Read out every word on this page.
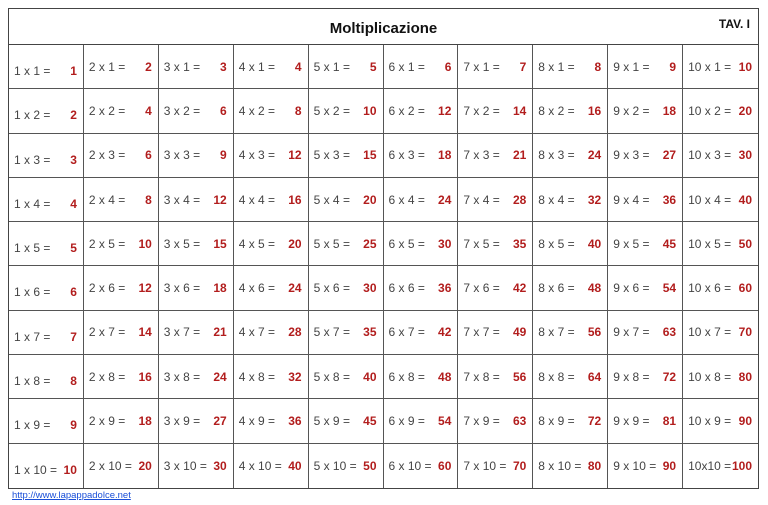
Moltiplicazione	TAV. I
1 x 1 = 1 2 x 1 = 2 3 x 1 = 3 4 x 1 = 4 5 x 1 = 5 6 x 1 = 6 7 x 1 = 7 8 x 1 = 8 9 x 1 = 9 10 x 1 = 10
1 x 2 = 2 2 x 2 = 4 3 x 2 = 6 4 x 2 = 8 5 x 2 = 10 6 x 2 = 12 7 x 2 = 14 8 x 2 = 16 9 x 2 = 18 10 x 2 = 20
1 x 3 = 3 2 x 3 = 6 3 x 3 = 9 4 x 3 = 12 5 x 3 = 15 6 x 3 = 18 7 x 3 = 21 8 x 3 = 24 9 x 3 = 27 10 x 3 = 30
1 x 4 = 4 2 x 4 = 8 3 x 4 = 12 4 x 4 = 16 5 x 4 = 20 6 x 4 = 24 7 x 4 = 28 8 x 4 = 32 9 x 4 = 36 10 x 4 = 40
1 x 5 = 5 2 x 5 = 10 3 x 5 = 15 4 x 5 = 20 5 x 5 = 25 6 x 5 = 30 7 x 5 = 35 8 x 5 = 40 9 x 5 = 45 10 x 5 = 50
1 x 6 = 6 2 x 6 = 12 3 x 6 = 18 4 x 6 = 24 5 x 6 = 30 6 x 6 = 36 7 x 6 = 42 8 x 6 = 48 9 x 6 = 54 10 x 6 = 60
1 x 7 = 7 2 x 7 = 14 3 x 7 = 21 4 x 7 = 28 5 x 7 = 35 6 x 7 = 42 7 x 7 = 49 8 x 7 = 56 9 x 7 = 63 10 x 7 = 70
1 x 8 = 8 2 x 8 = 16 3 x 8 = 24 4 x 8 = 32 5 x 8 = 40 6 x 8 = 48 7 x 8 = 56 8 x 8 = 64 9 x 8 = 72 10 x 8 = 80
1 x 9 = 9 2 x 9 = 18 3 x 9 = 27 4 x 9 = 36 5 x 9 = 45 6 x 9 = 54 7 x 9 = 63 8 x 9 = 72 9 x 9 = 81 10 x 9 = 90
1 x 10 = 10 2 x 10 = 20 3 x 10 = 30 4 x 10 = 40 5 x 10 = 50 6 x 10 = 60 7 x 10 = 70 8 x 10 = 80 9 x 10 = 90 10x10 = 100
http://www.lapappadolce.net
